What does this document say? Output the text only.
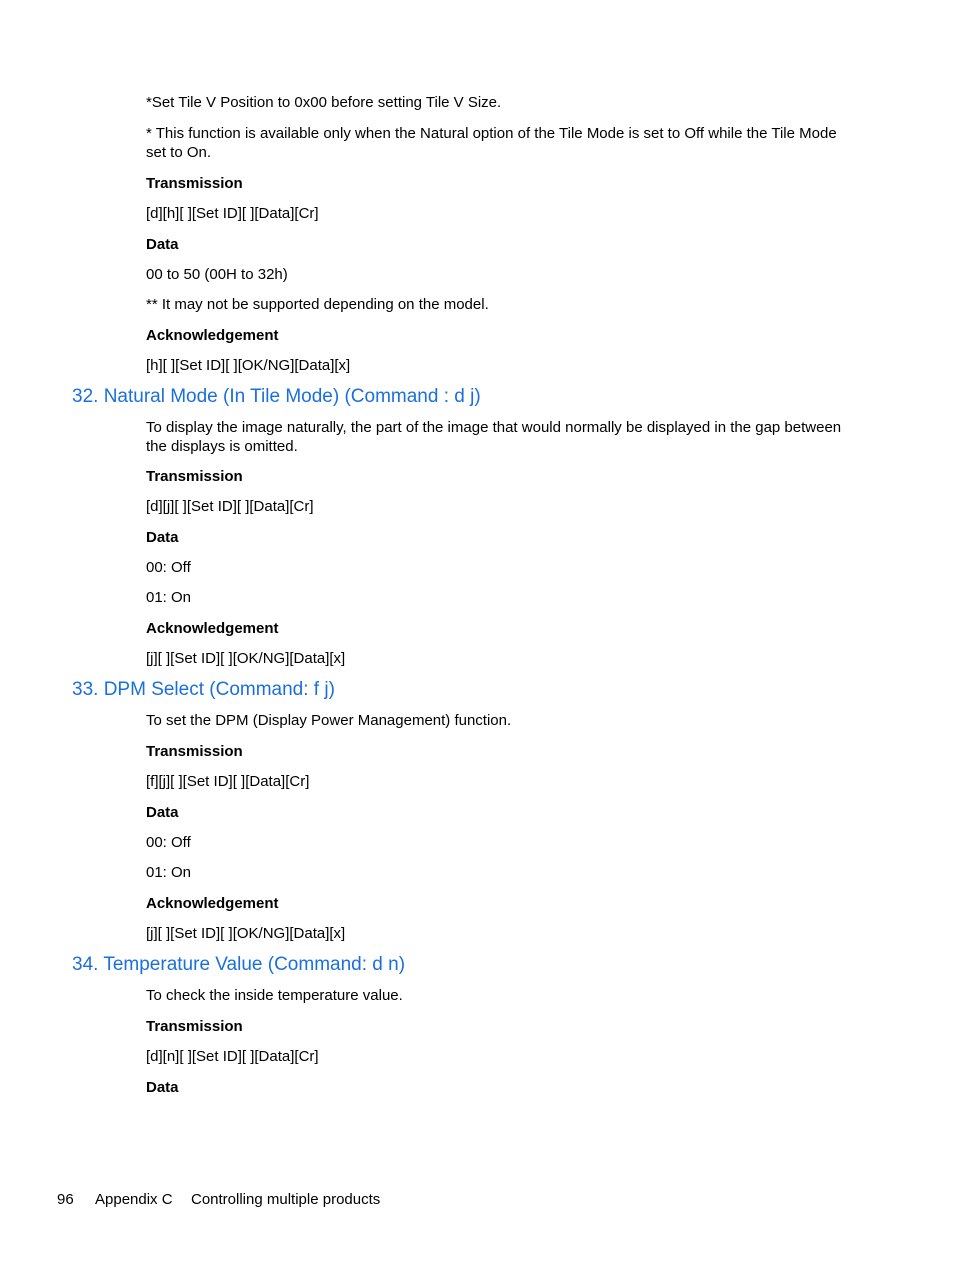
*Set Tile V Position to 0x00 before setting Tile V Size.

* This function is available only when the Natural option of the Tile Mode is set to Off while the Tile Mode set to On.

Transmission

[d][h][ ][Set ID][ ][Data][Cr]

Data

00 to 50 (00H to 32h)

** It may not be supported depending on the model.

Acknowledgement

[h][ ][Set ID][ ][OK/NG][Data][x]

32. Natural Mode (In Tile Mode) (Command : d j)

To display the image naturally, the part of the image that would normally be displayed in the gap between the displays is omitted.

Transmission

[d][j][ ][Set ID][ ][Data][Cr]

Data

00: Off

01: On

Acknowledgement

[j][ ][Set ID][ ][OK/NG][Data][x]

33. DPM Select (Command: f j)

To set the DPM (Display Power Management) function.

Transmission

[f][j][ ][Set ID][ ][Data][Cr]

Data

00: Off

01: On

Acknowledgement

[j][ ][Set ID][ ][OK/NG][Data][x]

34. Temperature Value (Command: d n)

To check the inside temperature value.

Transmission

[d][n][ ][Set ID][ ][Data][Cr]

Data

96 Appendix C Controlling multiple products
